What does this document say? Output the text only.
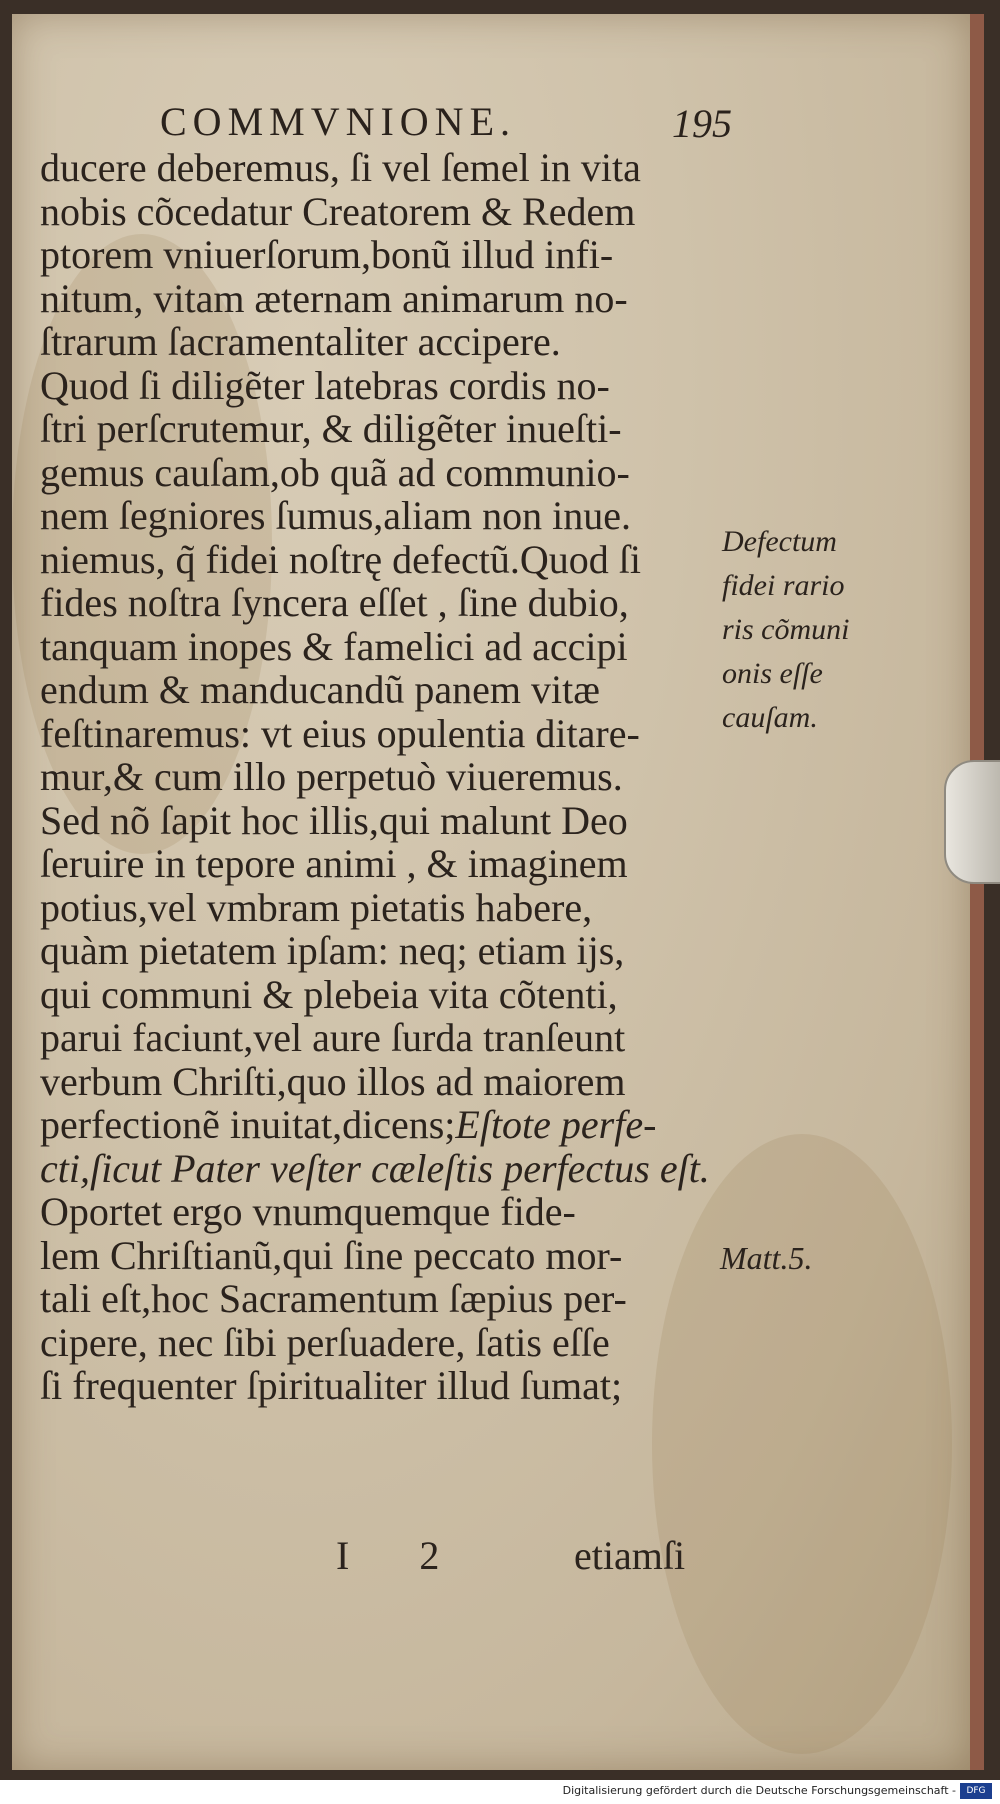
COMMVNIONE.	195
ducere deberemus, ſi vel ſemel in vita
nobis cõcedatur Creatorem & Redem
ptorem vniuerſorum,bonũ illud infi-
nitum, vitam æternam animarum no-
ſtrarum ſacramentaliter accipere.
Quod ſi diligẽter latebras cordis no-
ſtri perſcrutemur, & diligẽter inueſti-
gemus cauſam,ob quã ad communio-
nem ſegniores ſumus,aliam non inue.
niemus, q̃ fidei noſtrę defectũ.Quod ſi
fides noſtra ſyncera eſſet , ſine dubio,
tanquam inopes & famelici ad accipi
endum & manducandũ panem vitæ
feſtinaremus: vt eius opulentia ditare-
mur,& cum illo perpetuò viueremus.
Sed nõ ſapit hoc illis,qui malunt Deo
ſeruire in tepore animi , & imaginem
potius,vel vmbram pietatis habere,
quàm pietatem ipſam: neq; etiam ijs,
qui communi & plebeia vita cõtenti,
parui faciunt,vel aure ſurda tranſeunt
verbum Chriſti,quo illos ad maiorem
perfectionẽ inuitat,dicens;Eſtote perfe-
cti,ſicut Pater veſter cæleſtis perfectus eſt.
Oportet ergo vnumquemque fide-
lem Chriſtianũ,qui ſine peccato mor-
tali eſt,hoc Sacramentum ſæpius per-
cipere, nec ſibi perſuadere, ſatis eſſe
ſi frequenter ſpiritualiter illud ſumat;
Defectum
fidei rario
ris cõmuni
onis eſſe
cauſam.
Matt.5.
I 2	etiamſi
Digitalisierung gefördert durch die Deutsche Forschungsgemeinschaft -	DFG
